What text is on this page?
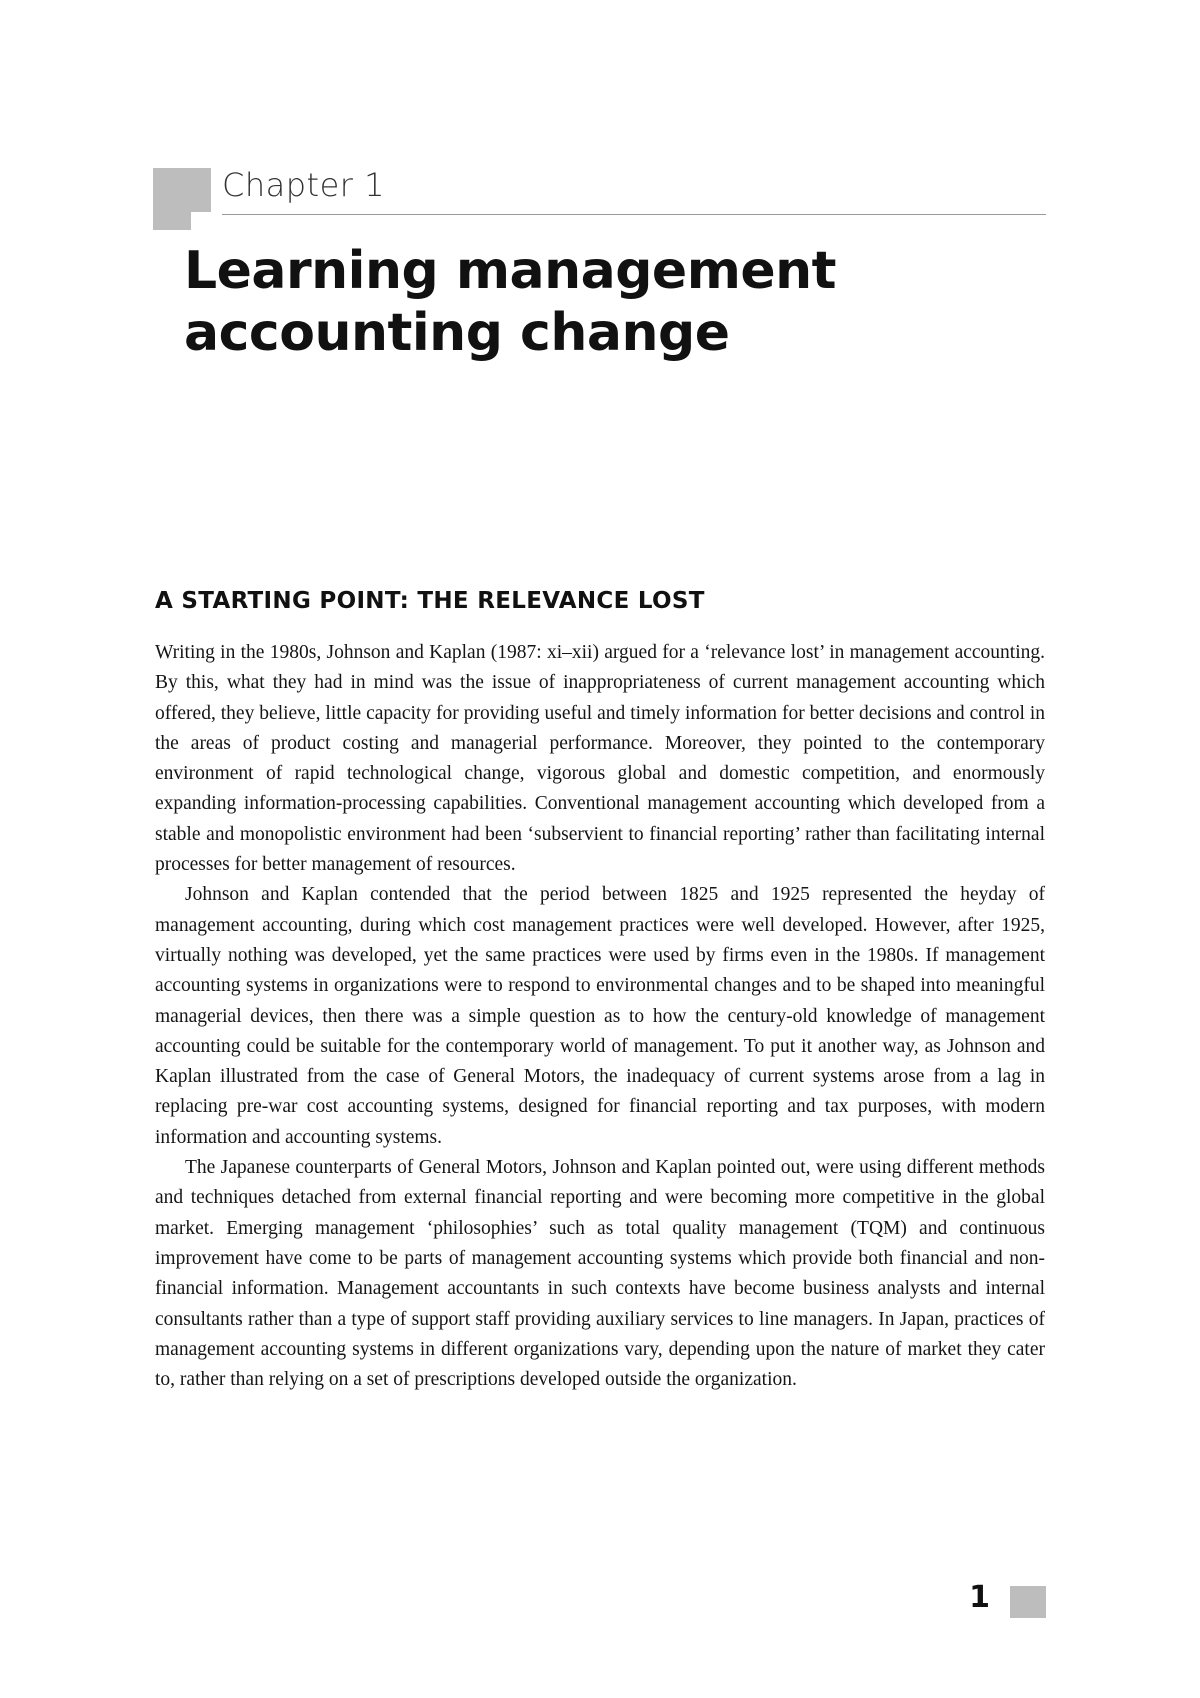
Chapter 1
Learning management
accounting change
A STARTING POINT: THE RELEVANCE LOST

Writing in the 1980s, Johnson and Kaplan (1987: xi–xii) argued for a ‘relevance lost’ in management accounting. By this, what they had in mind was the issue of inappropriateness of current management accounting which offered, they believe, little capacity for providing useful and timely information for better decisions and control in the areas of product costing and managerial performance. Moreover, they pointed to the contemporary environment of rapid technological change, vigorous global and domestic competition, and enormously expanding information-processing capabilities. Conventional management accounting which developed from a stable and monopolistic environment had been ‘subservient to financial reporting’ rather than facilitating internal processes for better management of resources.

Johnson and Kaplan contended that the period between 1825 and 1925 represented the heyday of management accounting, during which cost management practices were well developed. However, after 1925, virtually nothing was developed, yet the same practices were used by firms even in the 1980s. If management accounting systems in organizations were to respond to environmental changes and to be shaped into meaningful managerial devices, then there was a simple question as to how the century-old knowledge of management accounting could be suitable for the contemporary world of management. To put it another way, as Johnson and Kaplan illustrated from the case of General Motors, the inadequacy of current systems arose from a lag in replacing pre-war cost accounting systems, designed for financial reporting and tax purposes, with modern information and accounting systems.

The Japanese counterparts of General Motors, Johnson and Kaplan pointed out, were using different methods and techniques detached from external financial reporting and were becoming more competitive in the global market. Emerging management ‘philosophies’ such as total quality management (TQM) and continuous improvement have come to be parts of management accounting systems which provide both financial and non-financial information. Management accountants in such contexts have become business analysts and internal consultants rather than a type of support staff providing auxiliary services to line managers. In Japan, practices of management accounting systems in different organizations vary, depending upon the nature of market they cater to, rather than relying on a set of prescriptions developed outside the organization.

1
